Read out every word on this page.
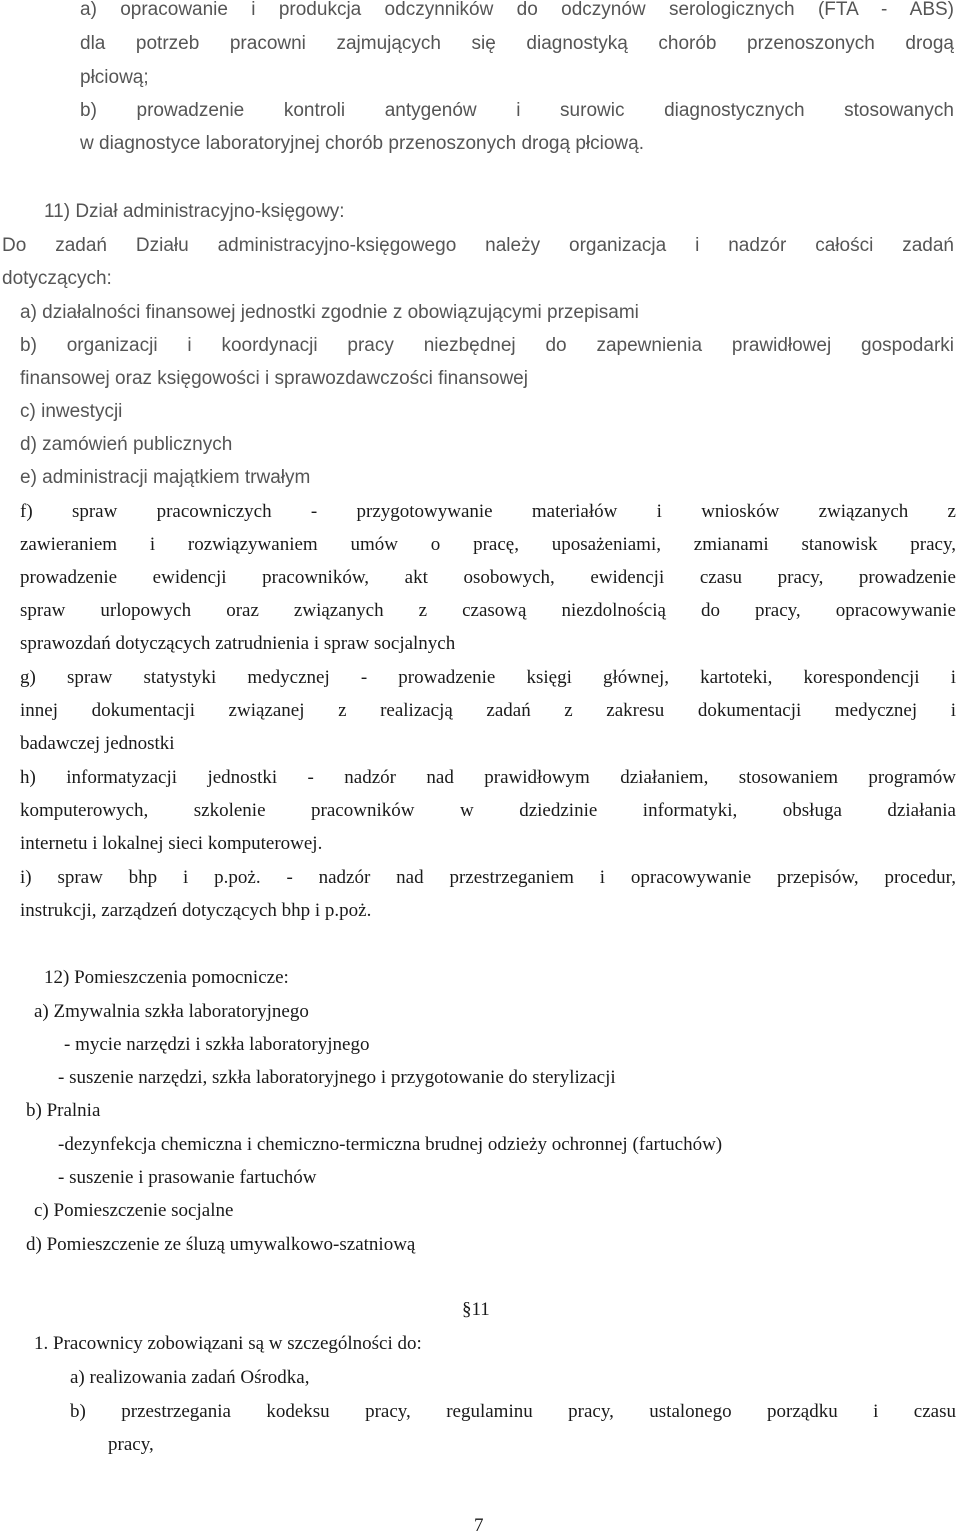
a) opracowanie i produkcja odczynników do odczynów serologicznych (FTA - ABS)
dla potrzeb pracowni zajmujących się diagnostyką chorób przenoszonych drogą
płciową;
b) prowadzenie kontroli antygenów i surowic diagnostycznych stosowanych
w diagnostyce laboratoryjnej chorób przenoszonych drogą płciową.
11) Dział administracyjno-księgowy:
Do zadań Działu administracyjno-księgowego należy organizacja i nadzór całości zadań
dotyczących:
a) działalności finansowej jednostki zgodnie z obowiązującymi przepisami
b) organizacji i koordynacji pracy niezbędnej do zapewnienia prawidłowej gospodarki
finansowej oraz księgowości i sprawozdawczości finansowej
c) inwestycji
d) zamówień publicznych
e) administracji majątkiem trwałym
f) spraw pracowniczych - przygotowywanie materiałów i wniosków związanych z
zawieraniem i rozwiązywaniem umów o pracę, uposażeniami, zmianami stanowisk pracy,
prowadzenie ewidencji pracowników, akt osobowych, ewidencji czasu pracy, prowadzenie
spraw urlopowych oraz związanych z czasową niezdolnością do pracy, opracowywanie
sprawozdań dotyczących zatrudnienia i spraw socjalnych
g) spraw statystyki medycznej - prowadzenie księgi głównej, kartoteki, korespondencji i
innej dokumentacji związanej z realizacją zadań z zakresu dokumentacji medycznej i
badawczej jednostki
h) informatyzacji jednostki - nadzór nad prawidłowym działaniem, stosowaniem programów
komputerowych, szkolenie pracowników w dziedzinie informatyki, obsługa działania
internetu i lokalnej sieci komputerowej.
i) spraw bhp i p.poż. - nadzór nad przestrzeganiem i opracowywanie przepisów, procedur,
instrukcji, zarządzeń dotyczących bhp i p.poż.
12) Pomieszczenia pomocnicze:
a) Zmywalnia szkła laboratoryjnego
- mycie narzędzi i szkła laboratoryjnego
- suszenie narzędzi, szkła laboratoryjnego i przygotowanie do sterylizacji
b) Pralnia
-dezynfekcja chemiczna i chemiczno-termiczna brudnej odzieży ochronnej (fartuchów)
- suszenie i prasowanie fartuchów
c) Pomieszczenie socjalne
d) Pomieszczenie ze śluzą umywalkowo-szatniową
§11
1. Pracownicy zobowiązani są w szczególności do:
a) realizowania zadań Ośrodka,
b) przestrzegania kodeksu pracy, regulaminu pracy, ustalonego porządku i czasu
pracy,
7
